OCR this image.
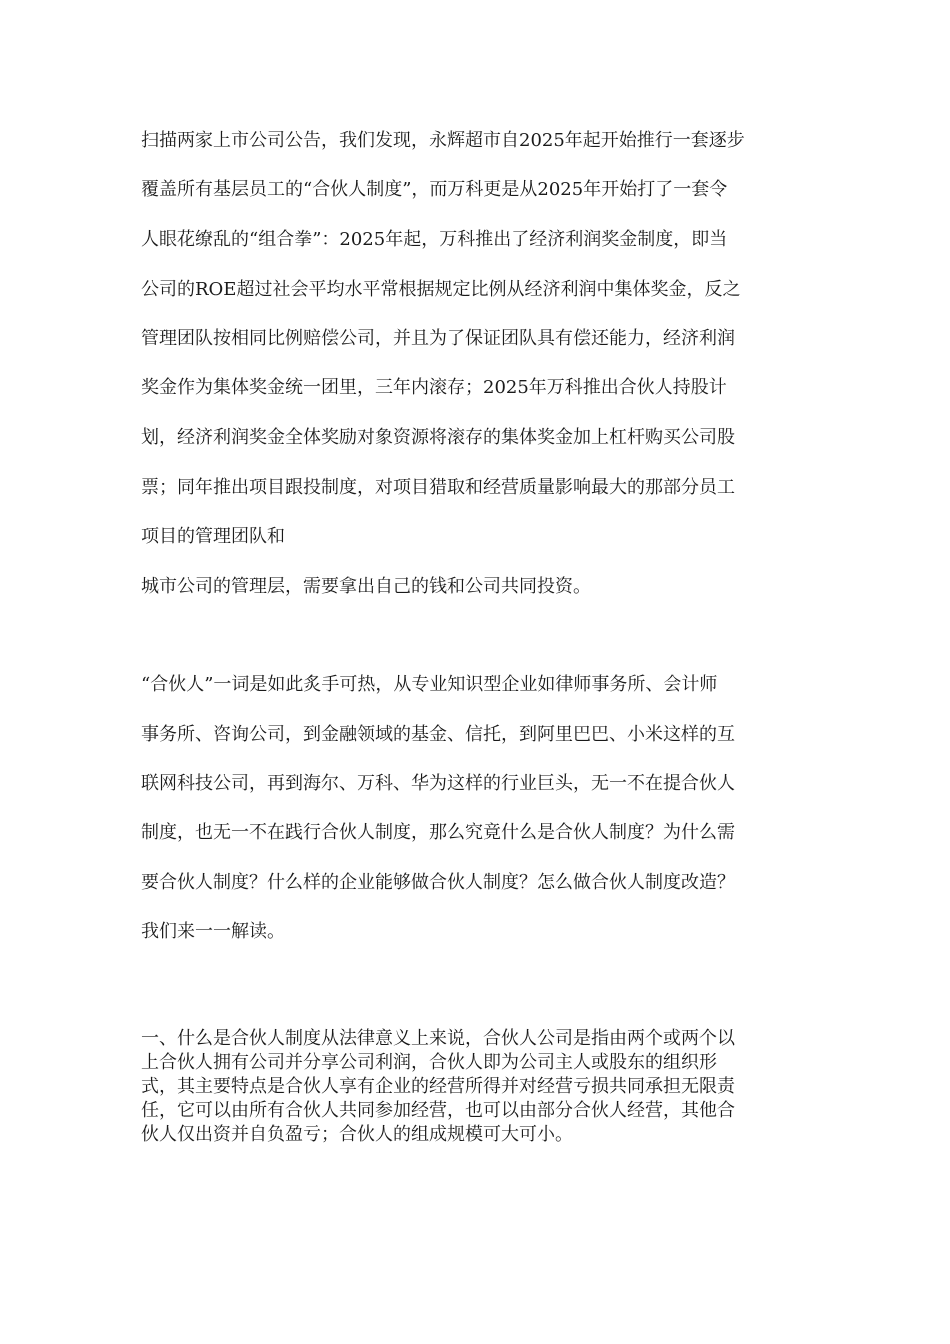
扫描两家上市公司公告，我们发现，永辉超市自2025年起开始推行一套逐步

覆盖所有基层员工的“合伙人制度”，而万科更是从2025年开始打了一套令

人眼花缭乱的“组合拳”：2025年起，万科推出了经济利润奖金制度，即当

公司的ROE超过社会平均水平常根据规定比例从经济利润中集体奖金，反之

管理团队按相同比例赔偿公司，并且为了保证团队具有偿还能力，经济利润

奖金作为集体奖金统一团里，三年内滚存；2025年万科推出合伙人持股计

划，经济利润奖金全体奖励对象资源将滚存的集体奖金加上杠杆购买公司股

票；同年推出项目跟投制度，对项目猎取和经营质量影响最大的那部分员工

项目的管理团队和

城市公司的管理层，需要拿出自己的钱和公司共同投资。

“合伙人”一词是如此炙手可热，从专业知识型企业如律师事务所、会计师

事务所、咨询公司，到金融领域的基金、信托，到阿里巴巴、小米这样的互

联网科技公司，再到海尔、万科、华为这样的行业巨头，无一不在提合伙人

制度，也无一不在践行合伙人制度，那么究竟什么是合伙人制度？为什么需

要合伙人制度？什么样的企业能够做合伙人制度？怎么做合伙人制度改造？

我们来一一解读。

一、什么是合伙人制度从法律意义上来说，合伙人公司是指由两个或两个以

上合伙人拥有公司并分享公司利润，合伙人即为公司主人或股东的组织形

式，其主要特点是合伙人享有企业的经营所得并对经营亏损共同承担无限责

任，它可以由所有合伙人共同参加经营，也可以由部分合伙人经营，其他合

伙人仅出资并自负盈亏；合伙人的组成规模可大可小。
